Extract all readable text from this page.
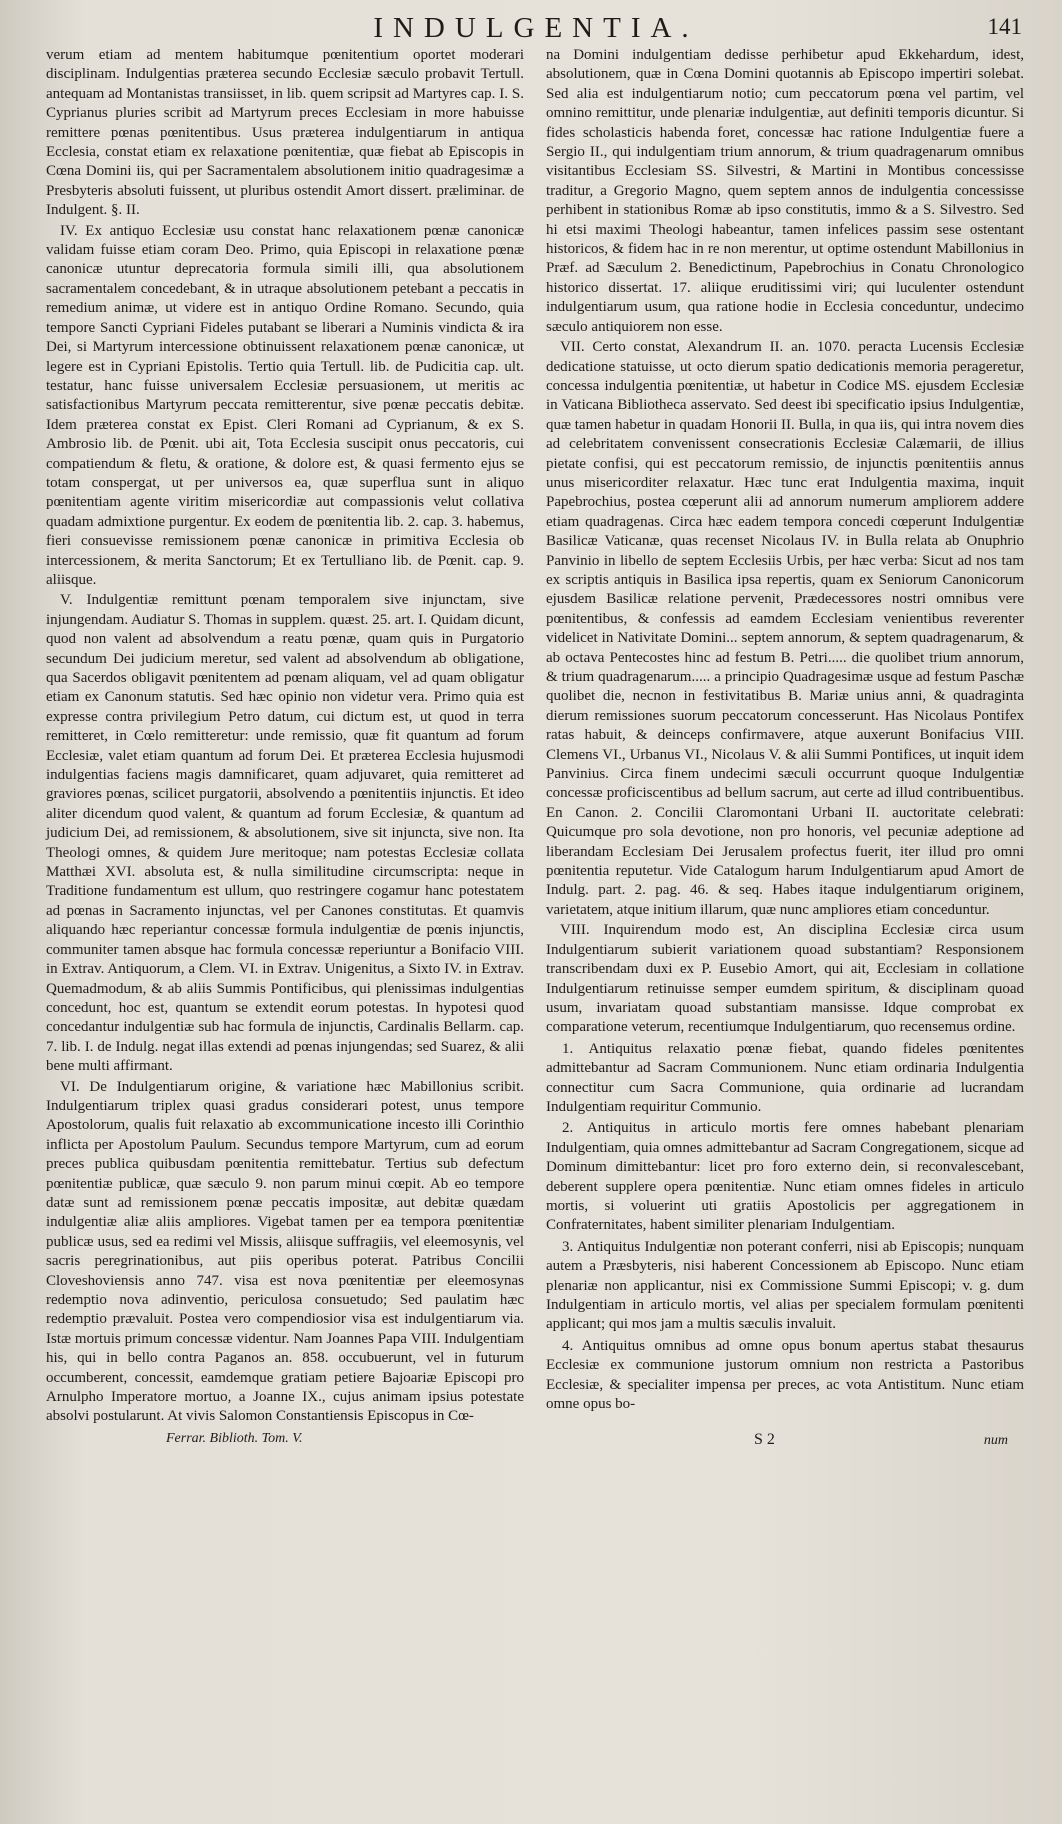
INDULGENTIA.	141

verum etiam ad mentem habitumque pœnitentium oportet moderari disciplinam. Indulgentias præterea secundo Ecclesiæ sæculo probavit Tertull. antequam ad Montanistas transiisset, in lib. quem scripsit ad Martyres cap. I. S. Cyprianus pluries scribit ad Martyrum preces Ecclesiam in more habuisse remittere pœnas pœnitentibus. Usus præterea indulgentiarum in antiqua Ecclesia, constat etiam ex relaxatione pœnitentiæ, quæ fiebat ab Episcopis in Cœna Domini iis, qui per Sacramentalem absolutionem initio quadragesimæ a Presbyteris absoluti fuissent, ut pluribus ostendit Amort dissert. præliminar. de Indulgent. §. II.

IV. Ex antiquo Ecclesiæ usu constat hanc relaxationem pœnæ canonicæ validam fuisse etiam coram Deo. Primo, quia Episcopi in relaxatione pœnæ canonicæ utuntur deprecatoria formula simili illi, qua absolutionem sacramentalem concedebant, & in utraque absolutionem petebant a peccatis in remedium animæ, ut videre est in antiquo Ordine Romano. Secundo, quia tempore Sancti Cypriani Fideles putabant se liberari a Numinis vindicta & ira Dei, si Martyrum intercessione obtinuissent relaxationem pœnæ canonicæ, ut legere est in Cypriani Epistolis. Tertio quia Tertull. lib. de Pudicitia cap. ult. testatur, hanc fuisse universalem Ecclesiæ persuasionem, ut meritis ac satisfactionibus Martyrum peccata remitterentur, sive pœnæ peccatis debitæ. Idem præterea constat ex Epist. Cleri Romani ad Cyprianum, & ex S. Ambrosio lib. de Pœnit. ubi ait, Tota Ecclesia suscipit onus peccatoris, cui compatiendum & fletu, & oratione, & dolore est, & quasi fermento ejus se totam conspergat, ut per universos ea, quæ superflua sunt in aliquo pœnitentiam agente viritim misericordiæ aut compassionis velut collativa quadam admixtione purgentur. Ex eodem de pœnitentia lib. 2. cap. 3. habemus, fieri consuevisse remissionem pœnæ canonicæ in primitiva Ecclesia ob intercessionem, & merita Sanctorum; Et ex Tertulliano lib. de Pœnit. cap. 9. aliisque.

V. Indulgentiæ remittunt pœnam temporalem sive injunctam, sive injungendam. Audiatur S. Thomas in supplem. quæst. 25. art. I. Quidam dicunt, quod non valent ad absolvendum a reatu pœnæ, quam quis in Purgatorio secundum Dei judicium meretur, sed valent ad absolvendum ab obligatione, qua Sacerdos obligavit pœnitentem ad pœnam aliquam, vel ad quam obligatur etiam ex Canonum statutis. Sed hæc opinio non videtur vera. Primo quia est expresse contra privilegium Petro datum, cui dictum est, ut quod in terra remitteret, in Cœlo remitteretur: unde remissio, quæ fit quantum ad forum Ecclesiæ, valet etiam quantum ad forum Dei. Et præterea Ecclesia hujusmodi indulgentias faciens magis damnificaret, quam adjuvaret, quia remitteret ad graviores pœnas, scilicet purgatorii, absolvendo a pœnitentiis injunctis. Et ideo aliter dicendum quod valent, & quantum ad forum Ecclesiæ, & quantum ad judicium Dei, ad remissionem, & absolutionem, sive sit injuncta, sive non. Ita Theologi omnes, & quidem Jure meritoque; nam potestas Ecclesiæ collata Matthæi XVI. absoluta est, & nulla similitudine circumscripta: neque in Traditione fundamentum est ullum, quo restringere cogamur hanc potestatem ad pœnas in Sacramento injunctas, vel per Canones constitutas. Et quamvis aliquando hæc reperiantur concessæ formula indulgentiæ de pœnis injunctis, communiter tamen absque hac formula concessæ reperiuntur a Bonifacio VIII. in Extrav. Antiquorum, a Clem. VI. in Extrav. Unigenitus, a Sixto IV. in Extrav. Quemadmodum, & ab aliis Summis Pontificibus, qui plenissimas indulgentias concedunt, hoc est, quantum se extendit eorum potestas. In hypotesi quod concedantur indulgentiæ sub hac formula de injunctis, Cardinalis Bellarm. cap. 7. lib. I. de Indulg. negat illas extendi ad pœnas injungendas; sed Suarez, & alii bene multi affirmant.

VI. De Indulgentiarum origine, & variatione hæc Mabillonius scribit. Indulgentiarum triplex quasi gradus considerari potest, unus tempore Apostolorum, qualis fuit relaxatio ab excommunicatione incesto illi Corinthio inflicta per Apostolum Paulum. Secundus tempore Martyrum, cum ad eorum preces publica quibusdam pœnitentia remittebatur. Tertius sub defectum pœnitentiæ publicæ, quæ sæculo 9. non parum minui cœpit. Ab eo tempore datæ sunt ad remissionem pœnæ peccatis impositæ, aut debitæ quædam indulgentiæ aliæ aliis ampliores. Vigebat tamen per ea tempora pœnitentiæ publicæ usus, sed ea redimi vel Missis, aliisque suffragiis, vel eleemosynis, vel sacris peregrinationibus, aut piis operibus poterat. Patribus Concilii Cloveshoviensis anno 747. visa est nova pœnitentiæ per eleemosynas redemptio nova adinventio, periculosa consuetudo; Sed paulatim hæc redemptio prævaluit. Postea vero compendiosior visa est indulgentiarum via. Istæ mortuis primum concessæ videntur. Nam Joannes Papa VIII. Indulgentiam his, qui in bello contra Paganos an. 858. occubuerunt, vel in futurum occumberent, concessit, eamdemque gratiam petiere Bajoariæ Episcopi pro Arnulpho Imperatore mortuo, a Joanne IX., cujus animam ipsius potestate absolvi postularunt. At vivis Salomon Constantiensis Episcopus in Cœ-

na Domini indulgentiam dedisse perhibetur apud Ekkehardum, idest, absolutionem, quæ in Cœna Domini quotannis ab Episcopo impertiri solebat. Sed alia est indulgentiarum notio; cum peccatorum pœna vel partim, vel omnino remittitur, unde plenariæ indulgentiæ, aut definiti temporis dicuntur. Si fides scholasticis habenda foret, concessæ hac ratione Indulgentiæ fuere a Sergio II., qui indulgentiam trium annorum, & trium quadragenarum omnibus visitantibus Ecclesiam SS. Silvestri, & Martini in Montibus concessisse traditur, a Gregorio Magno, quem septem annos de indulgentia concessisse perhibent in stationibus Romæ ab ipso constitutis, immo & a S. Silvestro. Sed hi etsi maximi Theologi habeantur, tamen infelices passim sese ostentant historicos, & fidem hac in re non merentur, ut optime ostendunt Mabillonius in Præf. ad Sæculum 2. Benedictinum, Papebrochius in Conatu Chronologico historico dissertat. 17. aliique eruditissimi viri; qui luculenter ostendunt indulgentiarum usum, qua ratione hodie in Ecclesia conceduntur, undecimo sæculo antiquiorem non esse.

VII. Certo constat, Alexandrum II. an. 1070. peracta Lucensis Ecclesiæ dedicatione statuisse, ut octo dierum spatio dedicationis memoria perageretur, concessa indulgentia pœnitentiæ, ut habetur in Codice MS. ejusdem Ecclesiæ in Vaticana Bibliotheca asservato. Sed deest ibi specificatio ipsius Indulgentiæ, quæ tamen habetur in quadam Honorii II. Bulla, in qua iis, qui intra novem dies ad celebritatem convenissent consecrationis Ecclesiæ Calæmarii, de illius pietate confisi, qui est peccatorum remissio, de injunctis pœnitentiis annus unus misericorditer relaxatur. Hæc tunc erat Indulgentia maxima, inquit Papebrochius, postea cœperunt alii ad annorum numerum ampliorem addere etiam quadragenas. Circa hæc eadem tempora concedi cœperunt Indulgentiæ Basilicæ Vaticanæ, quas recenset Nicolaus IV. in Bulla relata ab Onuphrio Panvinio in libello de septem Ecclesiis Urbis, per hæc verba: Sicut ad nos tam ex scriptis antiquis in Basilica ipsa repertis, quam ex Seniorum Canonicorum ejusdem Basilicæ relatione pervenit, Prædecessores nostri omnibus vere pœnitentibus, & confessis ad eamdem Ecclesiam venientibus reverenter videlicet in Nativitate Domini... septem annorum, & septem quadragenarum, & ab octava Pentecostes hinc ad festum B. Petri..... die quolibet trium annorum, & trium quadragenarum..... a principio Quadragesimæ usque ad festum Paschæ quolibet die, necnon in festivitatibus B. Mariæ unius anni, & quadraginta dierum remissiones suorum peccatorum concesserunt. Has Nicolaus Pontifex ratas habuit, & deinceps confirmavere, atque auxerunt Bonifacius VIII. Clemens VI., Urbanus VI., Nicolaus V. & alii Summi Pontifices, ut inquit idem Panvinius. Circa finem undecimi sæculi occurrunt quoque Indulgentiæ concessæ proficiscentibus ad bellum sacrum, aut certe ad illud contribuentibus. En Canon. 2. Concilii Claromontani Urbani II. auctoritate celebrati: Quicumque pro sola devotione, non pro honoris, vel pecuniæ adeptione ad liberandam Ecclesiam Dei Jerusalem profectus fuerit, iter illud pro omni pœnitentia reputetur. Vide Catalogum harum Indulgentiarum apud Amort de Indulg. part. 2. pag. 46. & seq. Habes itaque indulgentiarum originem, varietatem, atque initium illarum, quæ nunc ampliores etiam conceduntur.

VIII. Inquirendum modo est, An disciplina Ecclesiæ circa usum Indulgentiarum subierit variationem quoad substantiam? Responsionem transcribendam duxi ex P. Eusebio Amort, qui ait, Ecclesiam in collatione Indulgentiarum retinuisse semper eumdem spiritum, & disciplinam quoad usum, invariatam quoad substantiam mansisse. Idque comprobat ex comparatione veterum, recentiumque Indulgentiarum, quo recensemus ordine.

1. Antiquitus relaxatio pœnæ fiebat, quando fideles pœnitentes admittebantur ad Sacram Communionem. Nunc etiam ordinaria Indulgentia connectitur cum Sacra Communione, quia ordinarie ad lucrandam Indulgentiam requiritur Communio.

2. Antiquitus in articulo mortis fere omnes habebant plenariam Indulgentiam, quia omnes admittebantur ad Sacram Congregationem, sicque ad Dominum dimittebantur: licet pro foro externo dein, si reconvalescebant, deberent supplere opera pœnitentiæ. Nunc etiam omnes fideles in articulo mortis, si voluerint uti gratiis Apostolicis per aggregationem in Confraternitates, habent similiter plenariam Indulgentiam.

3. Antiquitus Indulgentiæ non poterant conferri, nisi ab Episcopis; nunquam autem a Præsbyteris, nisi haberent Concessionem ab Episcopo. Nunc etiam plenariæ non applicantur, nisi ex Commissione Summi Episcopi; v. g. dum Indulgentiam in articulo mortis, vel alias per specialem formulam pœnitenti applicant; qui mos jam a multis sæculis invaluit.

4. Antiquitus omnibus ad omne opus bonum apertus stabat thesaurus Ecclesiæ ex communione justorum omnium non restricta a Pastoribus Ecclesiæ, & specialiter impensa per preces, ac vota Antistitum. Nunc etiam omne opus bo-

Ferrar. Biblioth. Tom. V.	S 2	num
